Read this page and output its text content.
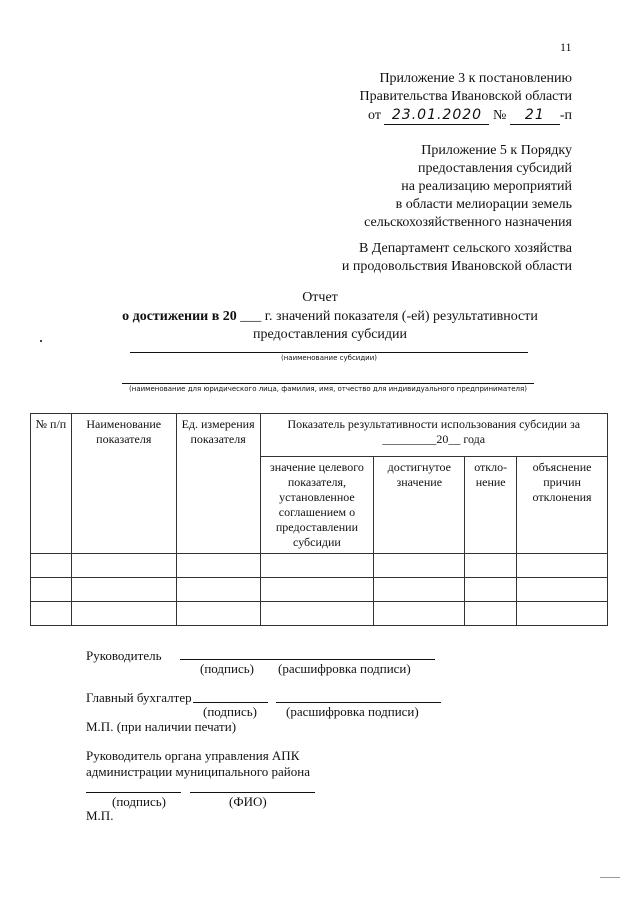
11
Приложение 3 к постановлению
Правительства Ивановской области
от 23.01.2020 № 21 -п
Приложение 5 к Порядку
предоставления субсидий
на реализацию мероприятий
в области мелиорации земель
сельскохозяйственного назначения
В Департамент сельского хозяйства
и продовольствия Ивановской области
Отчет
о достижении в 20 ___ г. значений показателя (-ей) результативности
предоставления субсидии
(наименование субсидии)
(наименование для юридического лица, фамилия, имя, отчество для индивидуального предпринимателя)
№ п/п	Наименование показателя	Ед. измерения показателя	Показатель результативности использования субсидии за
_________20__ года			

			значение целевого показателя, установленное соглашением о предоставлении субсидии	достигнутое значение	откло-нение	объяснение причин отклонения

Руководитель
(подпись) (расшифровка подписи)
Главный бухгалтер
(подпись) (расшифровка подписи)
М.П. (при наличии печати)
Руководитель органа управления АПК
администрации муниципального района
(подпись)	(ФИО)
М.П.
